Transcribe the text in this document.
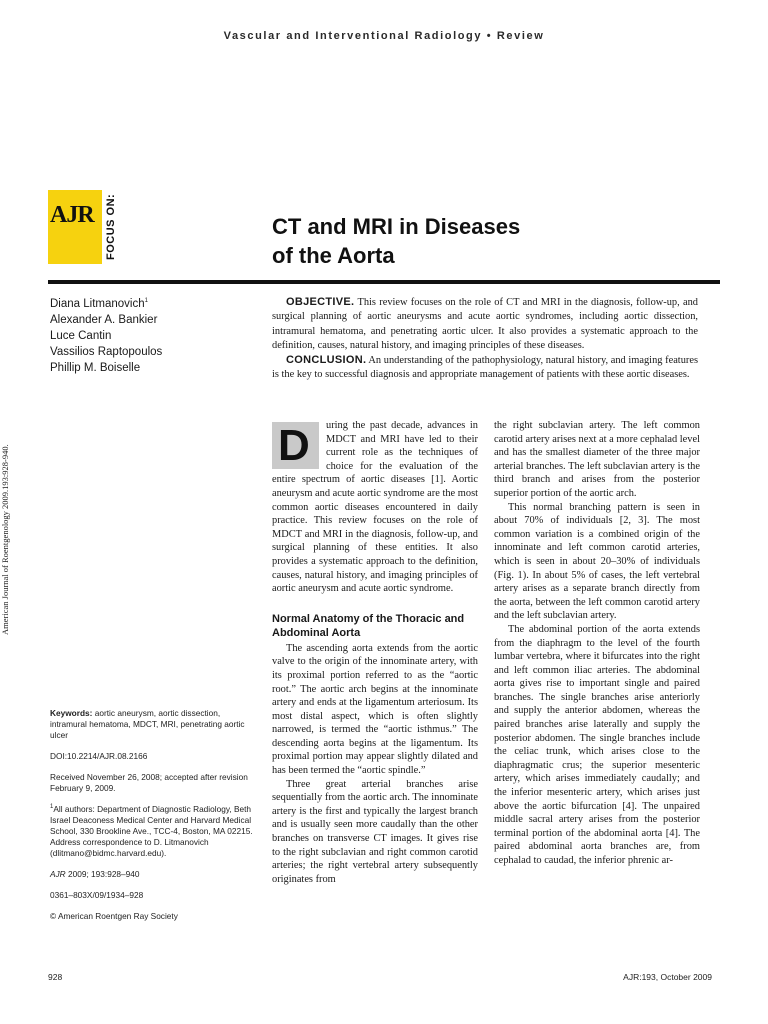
Vascular and Interventional Radiology • Review
AJR FOCUS ON:	CT and MRI in Diseases
of the Aorta
Diana Litmanovich$^1$
Alexander A. Bankier
Luce Cantin
Vassilios Raptopoulos
Phillip M. Boiselle

OBJECTIVE. This review focuses on the role of CT and MRI in the diagnosis, follow-up, and surgical planning of aortic aneurysms and acute aortic syndromes, including aortic dissection, intramural hematoma, and penetrating aortic ulcer. It also provides a systematic approach to the definition, causes, natural history, and imaging principles of these diseases.

CONCLUSION. An understanding of the pathophysiology, natural history, and imaging features is the key to successful diagnosis and appropriate management of patients with these aortic diseases.

American Journal of Roentgenology 2009.193:928-940.	D	uring the past decade, advances in MDCT and MRI have led to their current role as the techniques of choice for the evaluation of the entire spectrum of aortic diseases [1]. Aortic aneurysm and acute aortic syndrome are the most common aortic diseases encountered in daily practice. This review focuses on the role of MDCT and MRI in the diagnosis, follow-up, and surgical planning of these entities. It also provides a systematic approach to the definition, causes, natural history, and imaging principles of aortic aneurysm and acute aortic syndrome.

Normal Anatomy of the Thoracic and Abdominal Aorta

The ascending aorta extends from the aortic valve to the origin of the innominate artery, with its proximal portion referred to as the “aortic root.” The aortic arch begins at the innominate artery and ends at the ligamentum arteriosum. Its most distal aspect, which is often slightly narrowed, is termed the “aortic isthmus.” The descending aorta begins at the ligamentum. Its proximal portion may appear slightly dilated and has been termed the “aortic spindle.”

Three great arterial branches arise sequentially from the aortic arch. The innominate artery is the first and typically the largest branch and is usually seen more caudally than the other branches on transverse CT images. It gives rise to the right subclavian and right common carotid arteries; the right vertebral artery subsequently originates from

the right subclavian artery. The left common carotid artery arises next at a more cephalad level and has the smallest diameter of the three major arterial branches. The left subclavian artery is the third branch and arises from the posterior superior portion of the aortic arch.

This normal branching pattern is seen in about 70% of individuals [2, 3]. The most common variation is a combined origin of the innominate and left common carotid arteries, which is seen in about 20–30% of individuals (Fig. 1). In about 5% of cases, the left vertebral artery arises as a separate branch directly from the aorta, between the left common carotid artery and the left subclavian artery.

The abdominal portion of the aorta extends from the diaphragm to the level of the fourth lumbar vertebra, where it bifurcates into the right and left common iliac arteries. The abdominal aorta gives rise to important single and paired branches. The single branches arise anteriorly and supply the anterior abdomen, whereas the paired branches arise laterally and supply the posterior abdomen. The single branches include the celiac trunk, which arises close to the diaphragmatic crus; the superior mesenteric artery, which arises immediately caudally; and the inferior mesenteric artery, which arises just above the aortic bifurcation [4]. The unpaired middle sacral artery arises from the posterior terminal portion of the abdominal aorta [4]. The paired abdominal aorta branches are, from cephalad to caudad, the inferior phrenic ar-

Keywords: aortic aneurysm, aortic dissection, intramural hematoma, MDCT, MRI, penetrating aortic ulcer

DOI:10.2214/AJR.08.2166

Received November 26, 2008; accepted after revision February 9, 2009.

$^1$All authors: Department of Diagnostic Radiology, Beth Israel Deaconess Medical Center and Harvard Medical School, 330 Brookline Ave., TCC-4, Boston, MA 02215. Address correspondence to D. Litmanovich (dlitmano@bidmc.harvard.edu).

AJR 2009; 193:928–940

0361–803X/09/1934–928

© American Roentgen Ray Society

928	AJR:193, October 2009
